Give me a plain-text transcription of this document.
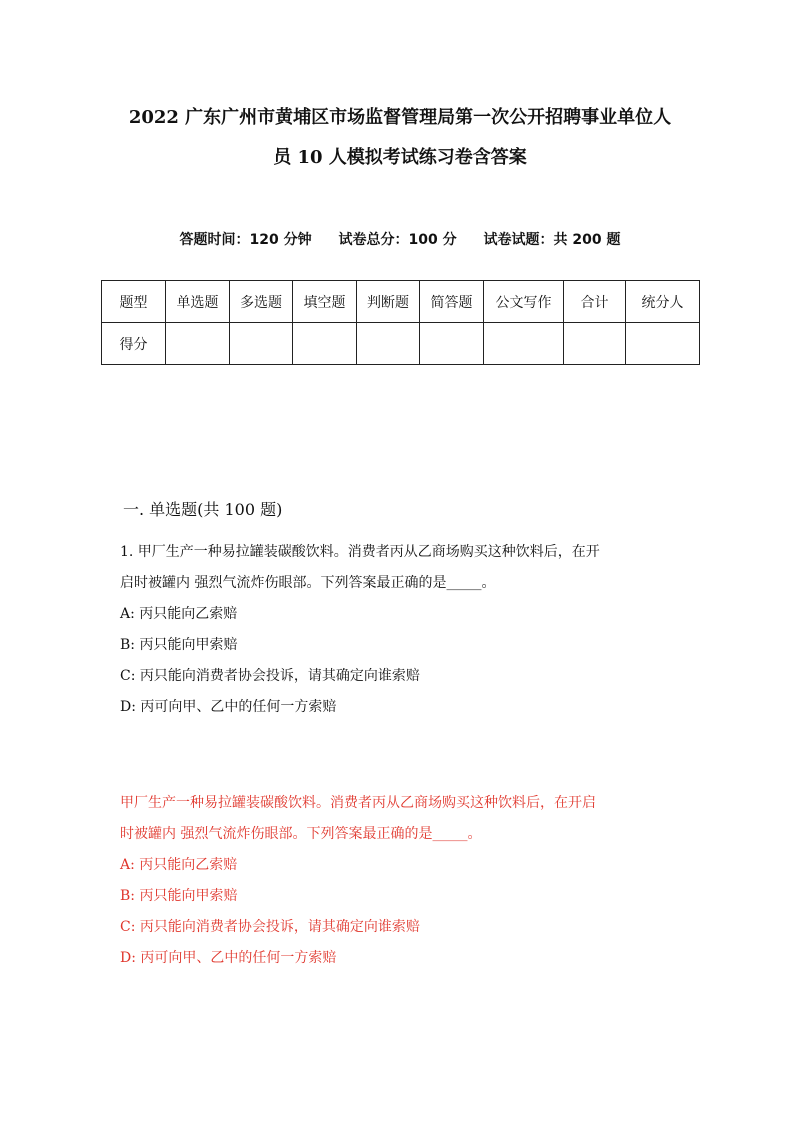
2022 广东广州市黄埔区市场监督管理局第一次公开招聘事业单位人
员 10 人模拟考试练习卷含答案
答题时间：120 分钟 试卷总分：100 分 试卷试题：共 200 题
题型	单选题	多选题	填空题	判断题	简答题	公文写作	合计	统分人
得分								
一. 单选题(共 100 题)
1. 甲厂生产一种易拉罐装碳酸饮料。消费者丙从乙商场购买这种饮料后，在开
启时被罐内 强烈气流炸伤眼部。下列答案最正确的是_____。
A: 丙只能向乙索赔
B: 丙只能向甲索赔
C: 丙只能向消费者协会投诉，请其确定向谁索赔
D: 丙可向甲、乙中的任何一方索赔
甲厂生产一种易拉罐装碳酸饮料。消费者丙从乙商场购买这种饮料后，在开启
时被罐内 强烈气流炸伤眼部。下列答案最正确的是_____。
A: 丙只能向乙索赔
B: 丙只能向甲索赔
C: 丙只能向消费者协会投诉，请其确定向谁索赔
D: 丙可向甲、乙中的任何一方索赔
